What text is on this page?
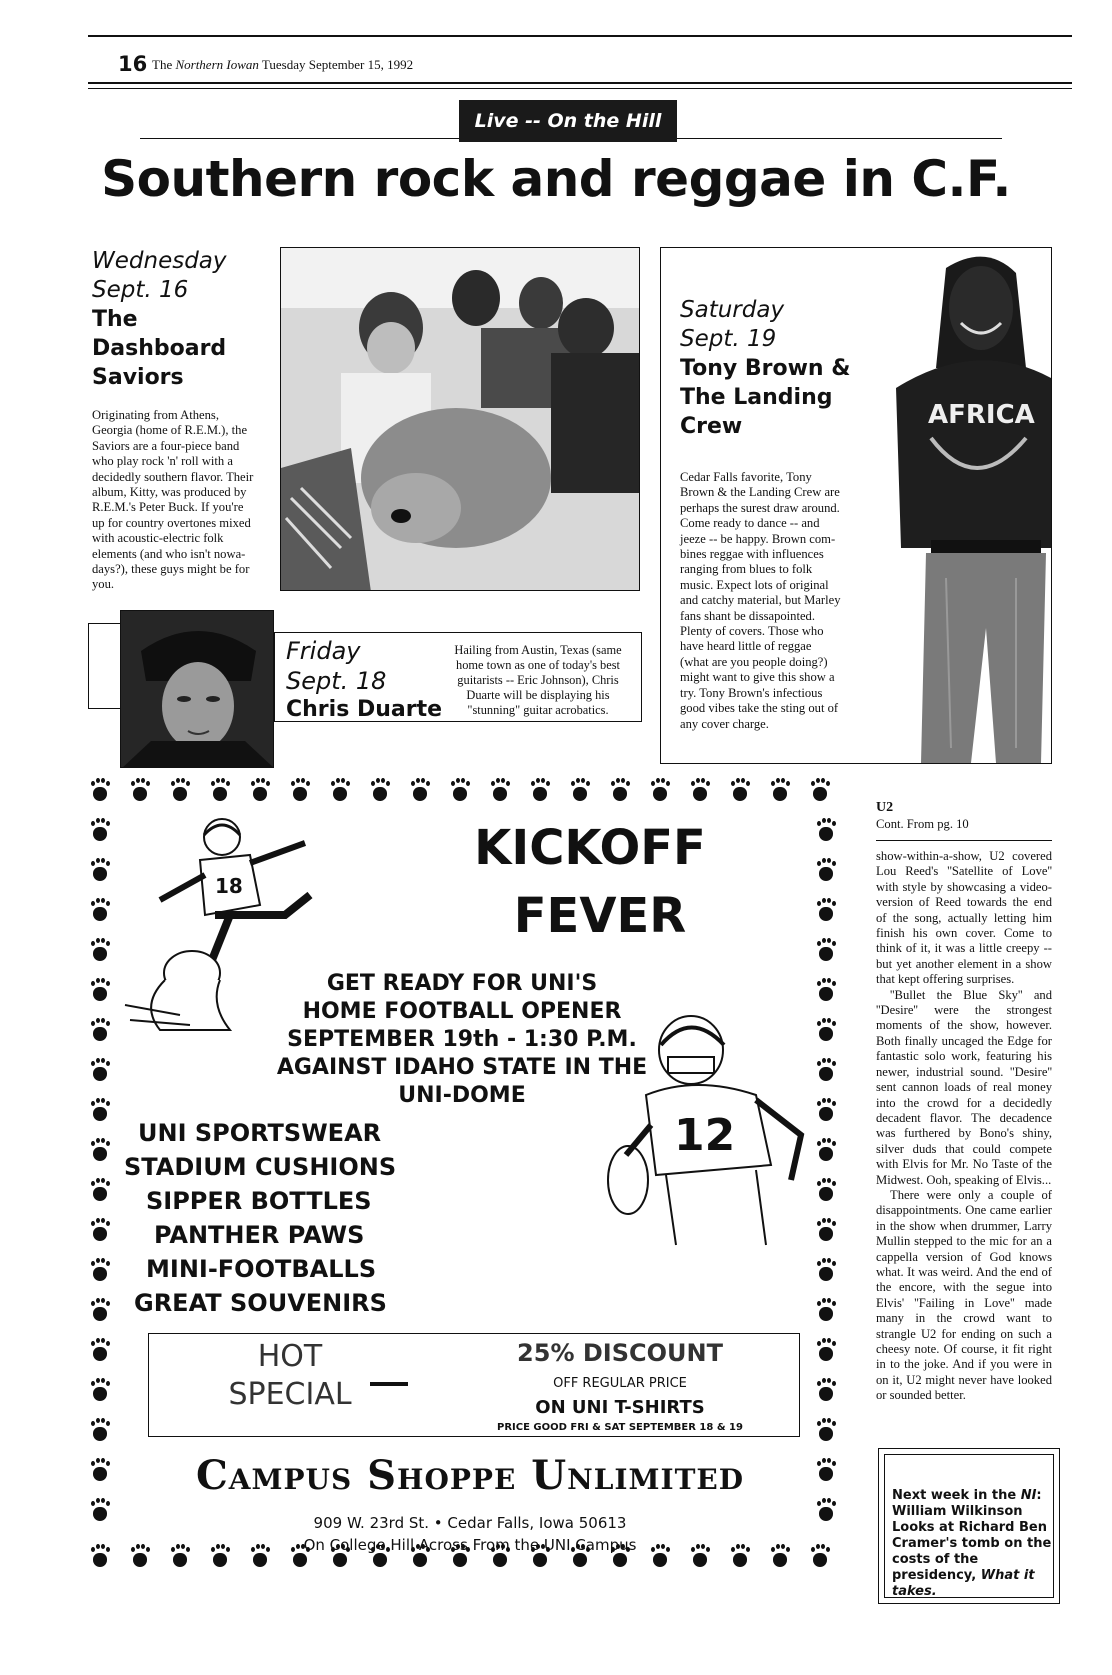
16 The Northern Iowan Tuesday September 15, 1992
Live -- On the Hill
Southern rock and reggae in C.F.
Wednesday
Sept. 16
The
Dashboard
Saviors
Originating from Athens,
Georgia (home of R.E.M.), the
Saviors are a four-piece band
who play rock 'n' roll with a
decidedly southern flavor. Their
album, Kitty, was produced by
R.E.M.'s Peter Buck. If you're
up for country overtones mixed
with acoustic-electric folk
elements (and who isn't nowa-
days?), these guys might be for
you.
Friday
Sept. 18
Chris Duarte
Hailing from Austin, Texas (same
home town as one of today's best
guitarists -- Eric Johnson), Chris
Duarte will be displaying his
"stunning" guitar acrobatics.
AFRICA
Saturday
Sept. 19
Tony Brown &
The Landing
Crew
Cedar Falls favorite, Tony
Brown & the Landing Crew are
perhaps the surest draw around.
Come ready to dance -- and
jeeze -- be happy. Brown com-
bines reggae with influences
ranging from blues to folk
music. Expect lots of original
and catchy material, but Marley
fans shant be dissapointed.
Plenty of covers. Those who
have heard little of reggae
(what are you people doing?)
might want to give this show a
try. Tony Brown's infectious
good vibes take the sting out of
any cover charge.
18
12
KICKOFF
FEVER
GET READY FOR UNI'S
HOME FOOTBALL OPENER
SEPTEMBER 19th - 1:30 P.M.
AGAINST IDAHO STATE IN THE
UNI-DOME
UNI SPORTSWEAR
STADIUM CUSHIONS
SIPPER BOTTLES
PANTHER PAWS
MINI-FOOTBALLS
GREAT SOUVENIRS
HOT
SPECIAL
25% DISCOUNT
OFF REGULAR PRICE
ON UNI T-SHIRTS
PRICE GOOD FRI & SAT SEPTEMBER 18 & 19
Campus Shoppe Unlimited
909 W. 23rd St. • Cedar Falls, Iowa 50613
On College Hill Across From the UNI Campus
U2
Cont. From pg. 10

show-within-a-show, U2 covered Lou Reed's ''Satellite of Love'' with style by showcasing a video-version of Reed towards the end of the song, actually letting him finish his own cover. Come to think of it, it was a little creepy -- but yet another element in a show that kept offering surprises.

''Bullet the Blue Sky'' and ''Desire'' were the strongest moments of the show, however. Both finally uncaged the Edge for fantastic solo work, featuring his newer, industrial sound. ''Desire'' sent cannon loads of real money into the crowd for a decidedly decadent flavor. The decadence was furthered by Bono's shiny, silver duds that could compete with Elvis for Mr. No Taste of the Midwest. Ooh, speaking of Elvis...

There were only a couple of disappointments. One came earlier in the show when drummer, Larry Mullin stepped to the mic for an a cappella version of God knows what. It was weird. And the end of the encore, with the segue into Elvis' ''Failing in Love'' made many in the crowd want to strangle U2 for ending on such a cheesy note. Of course, it fit right in to the joke. And if you were in on it, U2 might never have looked or sounded better.

Next week in the NI: William Wilkinson Looks at Richard Ben Cramer's tomb on the costs of the presidency, What it takes.
